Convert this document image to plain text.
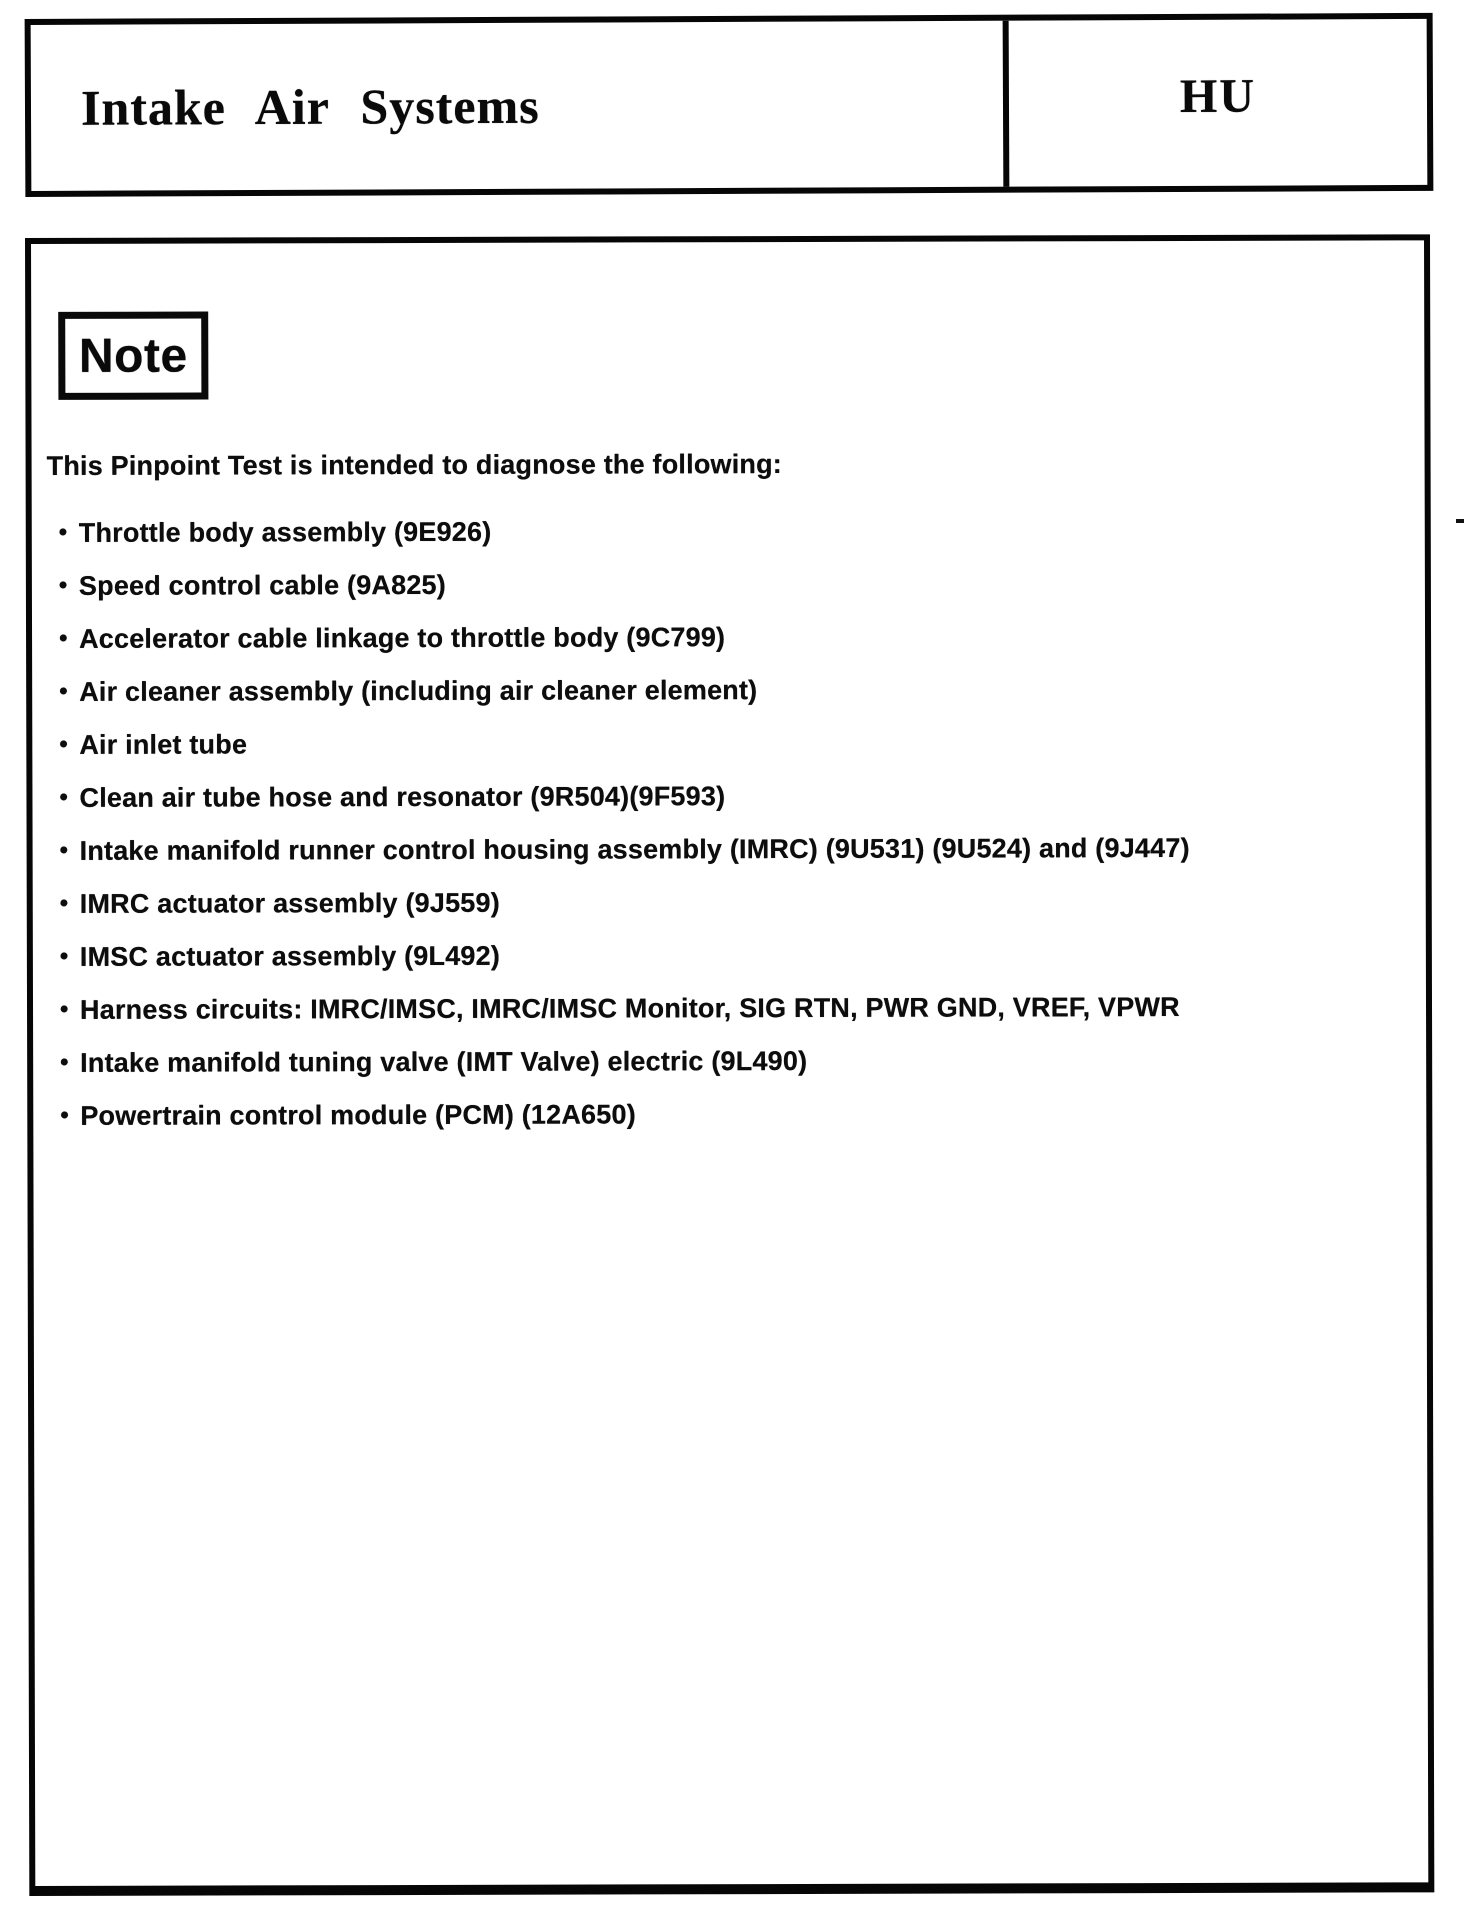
Intake Air Systems	HU
Note

This Pinpoint Test is intended to diagnose the following:

• Throttle body assembly (9E926)
• Speed control cable (9A825)
• Accelerator cable linkage to throttle body (9C799)
• Air cleaner assembly (including air cleaner element)
• Air inlet tube
• Clean air tube hose and resonator (9R504)(9F593)
• Intake manifold runner control housing assembly (IMRC) (9U531) (9U524) and (9J447)
• IMRC actuator assembly (9J559)
• IMSC actuator assembly (9L492)
• Harness circuits: IMRC/IMSC, IMRC/IMSC Monitor, SIG RTN, PWR GND, VREF, VPWR
• Intake manifold tuning valve (IMT Valve) electric (9L490)
• Powertrain control module (PCM) (12A650)
